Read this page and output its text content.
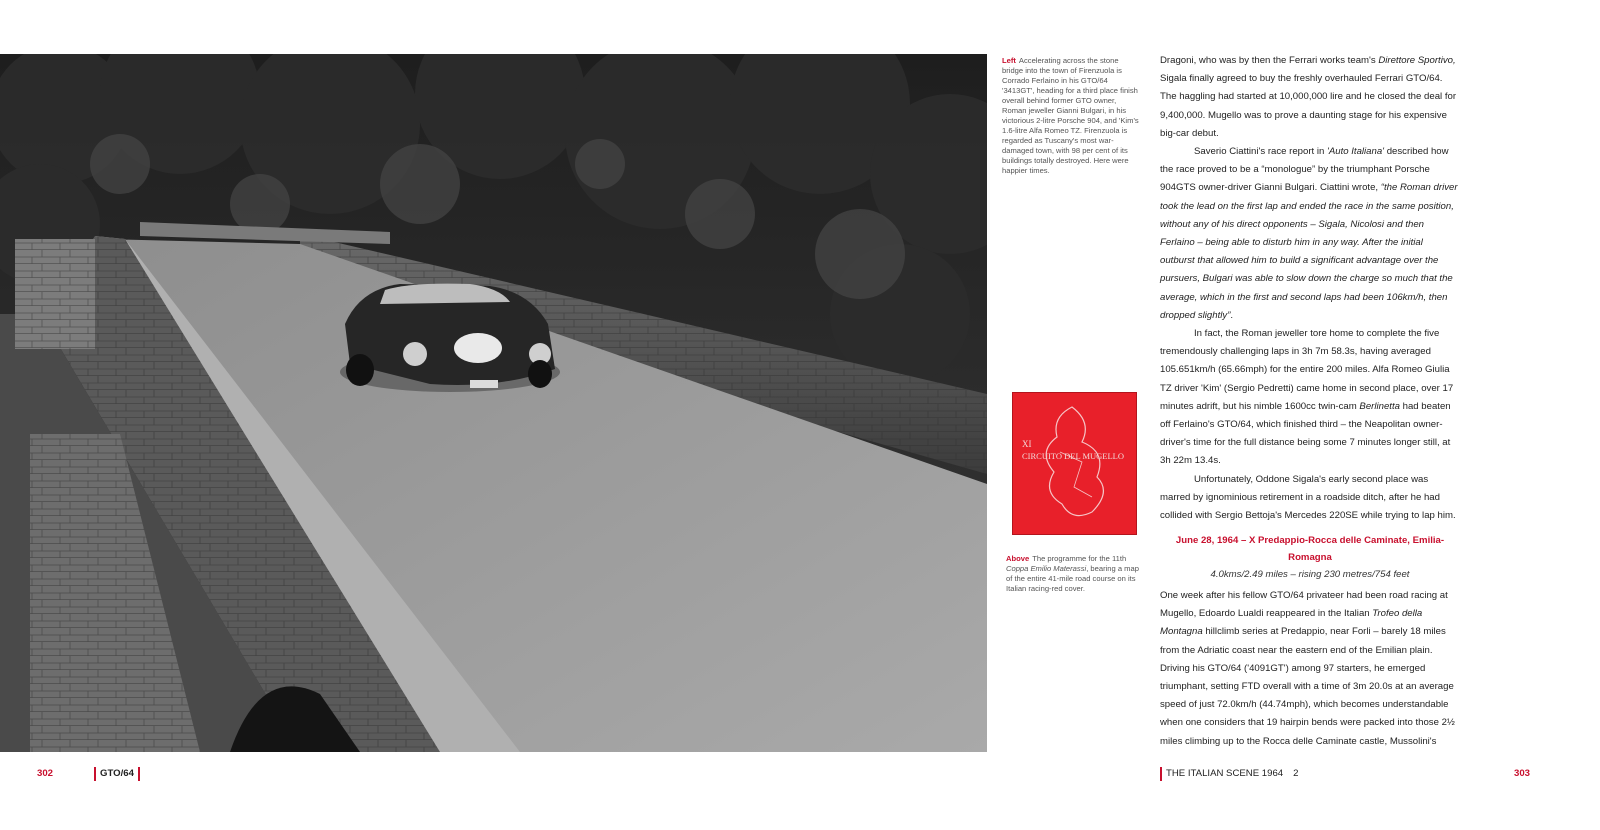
Left Accelerating across the stone bridge into the town of Firenzuola is Corrado Ferlaino in his GTO/64 '3413GT', heading for a third place finish overall behind former GTO owner, Roman jeweller Gianni Bulgari, in his victorious 2-litre Porsche 904, and 'Kim's 1.6-litre Alfa Romeo TZ. Firenzuola is regarded as Tuscany's most war-damaged town, with 98 per cent of its buildings totally destroyed. Here were happier times.
XI
CIRCUITO DEL MUGELLO
Above The programme for the 11th Coppa Emilio Materassi, bearing a map of the entire 41-mile road course on its Italian racing-red cover.

Dragoni, who was by then the Ferrari works team's Direttore Sportivo, Sigala finally agreed to buy the freshly overhauled Ferrari GTO/64. The haggling had started at 10,000,000 lire and he closed the deal for 9,400,000. Mugello was to prove a daunting stage for his expensive big-car debut.

Saverio Ciattini's race report in 'Auto Italiana' described how the race proved to be a “monologue” by the triumphant Porsche 904GTS owner-driver Gianni Bulgari. Ciattini wrote, “the Roman driver took the lead on the first lap and ended the race in the same position, without any of his direct opponents – Sigala, Nicolosi and then Ferlaino – being able to disturb him in any way. After the initial outburst that allowed him to build a significant advantage over the pursuers, Bulgari was able to slow down the charge so much that the average, which in the first and second laps had been 106km/h, then dropped slightly”.

In fact, the Roman jeweller tore home to complete the five tremendously challenging laps in 3h 7m 58.3s, having averaged 105.651km/h (65.66mph) for the entire 200 miles. Alfa Romeo Giulia TZ driver 'Kim' (Sergio Pedretti) came home in second place, over 17 minutes adrift, but his nimble 1600cc twin-cam Berlinetta had beaten off Ferlaino's GTO/64, which finished third – the Neapolitan owner-driver's time for the full distance being some 7 minutes longer still, at 3h 22m 13.4s.

Unfortunately, Oddone Sigala's early second place was marred by ignominious retirement in a roadside ditch, after he had collided with Sergio Bettoja's Mercedes 220SE while trying to lap him.

June 28, 1964 – X Predappio-Rocca delle Caminate, Emilia-Romagna
4.0kms/2.49 miles – rising 230 metres/754 feet

One week after his fellow GTO/64 privateer had been road racing at Mugello, Edoardo Lualdi reappeared in the Italian Trofeo della Montagna hillclimb series at Predappio, near Forli – barely 18 miles from the Adriatic coast near the eastern end of the Emilian plain. Driving his GTO/64 ('4091GT') among 97 starters, he emerged triumphant, setting FTD overall with a time of 3m 20.0s at an average speed of just 72.0km/h (44.74mph), which becomes understandable when one considers that 19 hairpin bends were packed into those 2½ miles climbing up to the Rocca delle Caminate castle, Mussolini's

302	GTO/64	THE ITALIAN SCENE 1964 2	303
